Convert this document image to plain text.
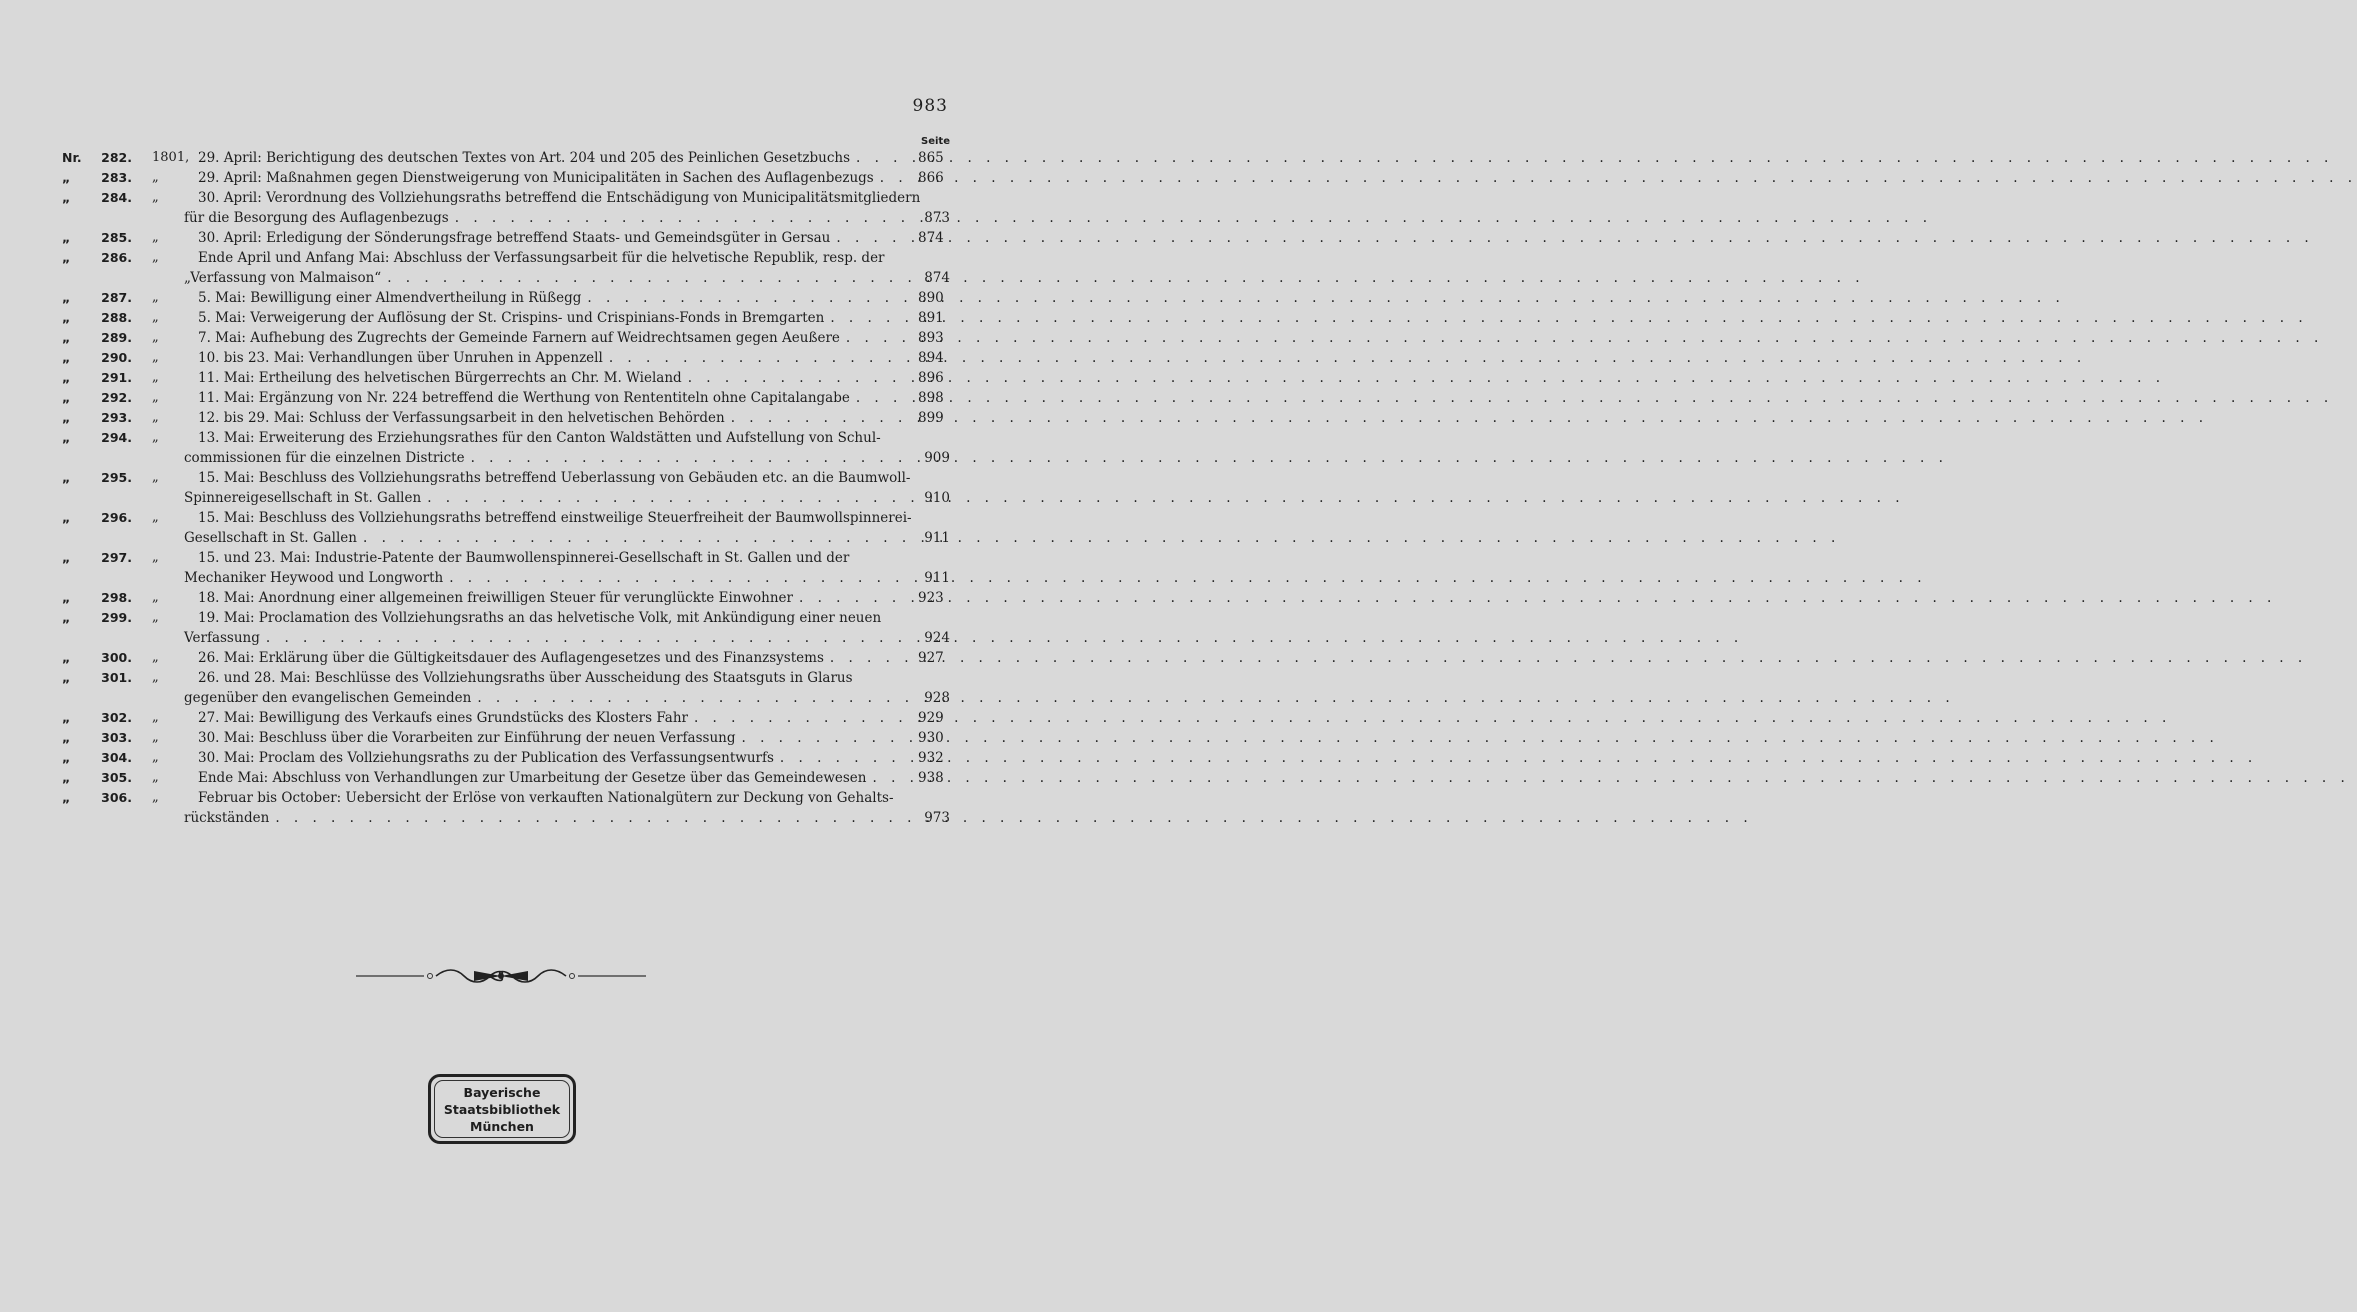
983
Seite
Nr.	282.	1801, 29. April: Berichtigung des deutschen Textes von Art. 204 und 205 des Peinlichen Gesetzbuchs . . .	865
„	283.	„	29. April: Maßnahmen gegen Dienstweigerung von Municipalitäten in Sachen des Auflagenbezugs . . .	866
„	284.	„	30. April: Verordnung des Vollziehungsraths betreffend die Entschädigung von Municipalitätsmitgliedern
für die Besorgung des Auflagenbezugs . . .	873
„	285.	„	30. April: Erledigung der Sönderungsfrage betreffend Staats- und Gemeindsgüter in Gersau . . .	874
„	286.	„	Ende April und Anfang Mai: Abschluss der Verfassungsarbeit für die helvetische Republik, resp. der
„Verfassung von Malmaison“ . . .	874
„	287.	„	5. Mai: Bewilligung einer Almendvertheilung in Rüßegg . . .	890
„	288.	„	5. Mai: Verweigerung der Auflösung der St. Crispins- und Crispinians-Fonds in Bremgarten . . .	891
„	289.	„	7. Mai: Aufhebung des Zugrechts der Gemeinde Farnern auf Weidrechtsamen gegen Aeußere . . .	893
„	290.	„	10. bis 23. Mai: Verhandlungen über Unruhen in Appenzell . . .	894
„	291.	„	11. Mai: Ertheilung des helvetischen Bürgerrechts an Chr. M. Wieland . . .	896
„	292.	„	11. Mai: Ergänzung von Nr. 224 betreffend die Werthung von Rententiteln ohne Capitalangabe . . .	898
„	293.	„	12. bis 29. Mai: Schluss der Verfassungsarbeit in den helvetischen Behörden . . .	899
„	294.	„	13. Mai: Erweiterung des Erziehungsrathes für den Canton Waldstätten und Aufstellung von Schul-
commissionen für die einzelnen Districte . . .	909
„	295.	„	15. Mai: Beschluss des Vollziehungsraths betreffend Ueberlassung von Gebäuden etc. an die Baumwoll-
Spinnereigesellschaft in St. Gallen . . .	910
„	296.	„	15. Mai: Beschluss des Vollziehungsraths betreffend einstweilige Steuerfreiheit der Baumwollspinnerei-
Gesellschaft in St. Gallen . . .	911
„	297.	„	15. und 23. Mai: Industrie-Patente der Baumwollenspinnerei-Gesellschaft in St. Gallen und der
Mechaniker Heywood und Longworth . . .	911
„	298.	„	18. Mai: Anordnung einer allgemeinen freiwilligen Steuer für verunglückte Einwohner . . .	923
„	299.	„	19. Mai: Proclamation des Vollziehungsraths an das helvetische Volk, mit Ankündigung einer neuen
Verfassung . . .	924
„	300.	„	26. Mai: Erklärung über die Gültigkeitsdauer des Auflagengesetzes und des Finanzsystems . . .	927
„	301.	„	26. und 28. Mai: Beschlüsse des Vollziehungsraths über Ausscheidung des Staatsguts in Glarus
gegenüber den evangelischen Gemeinden . . .	928
„	302.	„	27. Mai: Bewilligung des Verkaufs eines Grundstücks des Klosters Fahr . . .	929
„	303.	„	30. Mai: Beschluss über die Vorarbeiten zur Einführung der neuen Verfassung . . .	930
„	304.	„	30. Mai: Proclam des Vollziehungsraths zu der Publication des Verfassungsentwurfs . . .	932
„	305.	„	Ende Mai: Abschluss von Verhandlungen zur Umarbeitung der Gesetze über das Gemeindewesen . . .	938
„	306.	„	Februar bis October: Uebersicht der Erlöse von verkauften Nationalgütern zur Deckung von Gehalts-
rückständen . . .	973
Bayerische
Staatsbibliothek
München
